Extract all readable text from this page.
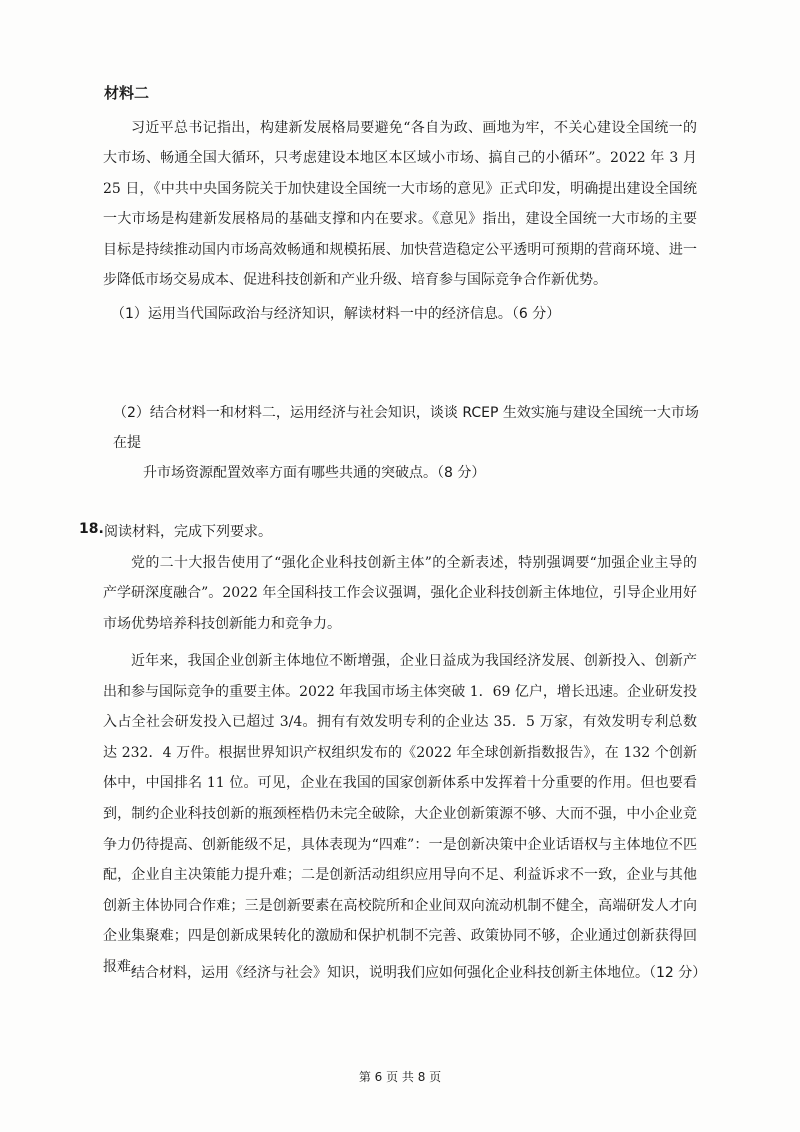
材料二

习近平总书记指出，构建新发展格局要避免“各自为政、画地为牢，不关心建设全国统一的大市场、畅通全国大循环，只考虑建设本地区本区域小市场、搞自己的小循环”。2022 年 3 月 25 日，《中共中央国务院关于加快建设全国统一大市场的意见》正式印发，明确提出建设全国统一大市场是构建新发展格局的基础支撑和内在要求。《意见》指出，建设全国统一大市场的主要目标是持续推动国内市场高效畅通和规模拓展、加快营造稳定公平透明可预期的营商环境、进一步降低市场交易成本、促进科技创新和产业升级、培育参与国际竞争合作新优势。

（1）运用当代国际政治与经济知识，解读材料一中的经济信息。（6 分）

（2）结合材料一和材料二，运用经济与社会知识，谈谈 RCEP 生效实施与建设全国统一大市场在提
升市场资源配置效率方面有哪些共通的突破点。（8 分）

18. 阅读材料，完成下列要求。

党的二十大报告使用了“强化企业科技创新主体”的全新表述，特别强调要“加强企业主导的产学研深度融合”。2022 年全国科技工作会议强调，强化企业科技创新主体地位，引导企业用好市场优势培养科技创新能力和竞争力。

近年来，我国企业创新主体地位不断增强，企业日益成为我国经济发展、创新投入、创新产出和参与国际竞争的重要主体。2022 年我国市场主体突破 1．69 亿户，增长迅速。企业研发投入占全社会研发投入已超过 3/4。拥有有效发明专利的企业达 35．5 万家，有效发明专利总数达 232．4 万件。根据世界知识产权组织发布的《2022 年全球创新指数报告》，在 132 个创新体中，中国排名 11 位。可见，企业在我国的国家创新体系中发挥着十分重要的作用。但也要看到，制约企业科技创新的瓶颈桎梏仍未完全破除，大企业创新策源不够、大而不强，中小企业竞争力仍待提高、创新能级不足，具体表现为“四难”：一是创新决策中企业话语权与主体地位不匹配，企业自主决策能力提升难；二是创新活动组织应用导向不足、利益诉求不一致，企业与其他创新主体协同合作难；三是创新要素在高校院所和企业间双向流动机制不健全，高端研发人才向企业集聚难；四是创新成果转化的激励和保护机制不完善、政策协同不够，企业通过创新获得回报难。

结合材料，运用《经济与社会》知识，说明我们应如何强化企业科技创新主体地位。（12 分）

第 6 页 共 8 页
